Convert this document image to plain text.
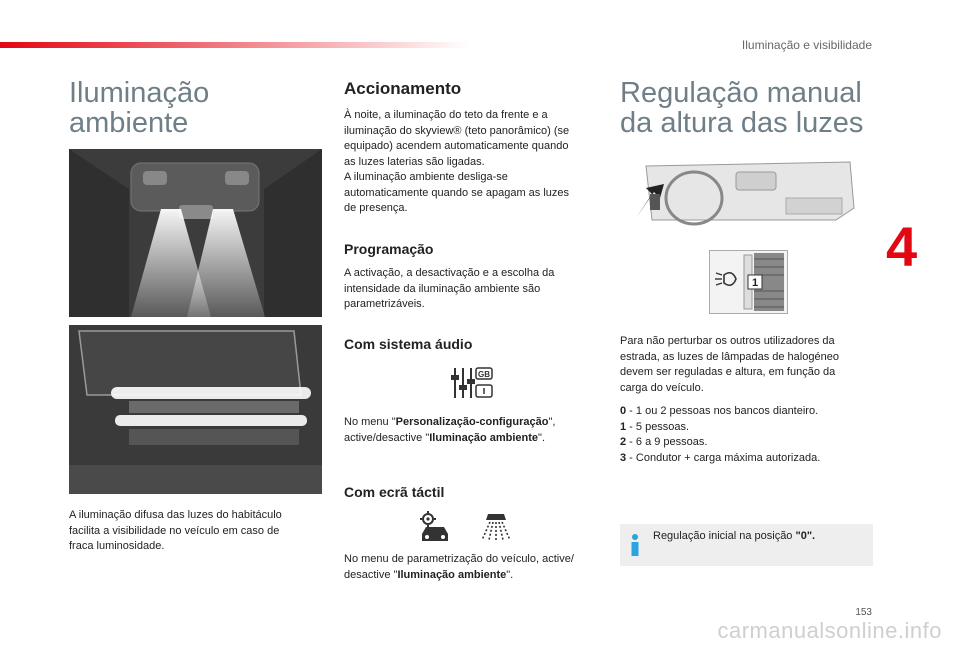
Iluminação e visibilidade
4
Iluminação
ambiente

A iluminação difusa das luzes do habitáculo
facilita a visibilidade no veículo em caso de
fraca luminosidade.

Accionamento

À noite, a iluminação do teto da frente e a
iluminação do skyview® (teto panorâmico) (se
equipado) acendem automaticamente quando
as luzes laterias são ligadas.
A iluminação ambiente desliga-se
automaticamente quando se apagam as luzes
de presença.

Programação

A activação, a desactivação e a escolha da
intensidade da iluminação ambiente são
parametrizáveis.

Com sistema áudio
GB

No menu "Personalização-configuração",
active/desactive "Iluminação ambiente".

Com ecrã táctil

No menu de parametrização do veículo, active/
desactive "Iluminação ambiente".

Regulação manual
da altura das luzes
1

Para não perturbar os outros utilizadores da
estrada, as luzes de lâmpadas de halogéneo
devem ser reguladas e altura, em função da
carga do veículo.

0 - 1 ou 2 pessoas nos bancos dianteiro.
1 - 5 pessoas.
2 - 6 a 9 pessoas.
3 - Condutor + carga máxima autorizada.

Regulação inicial na posição "0".
153
carmanualsonline.info
